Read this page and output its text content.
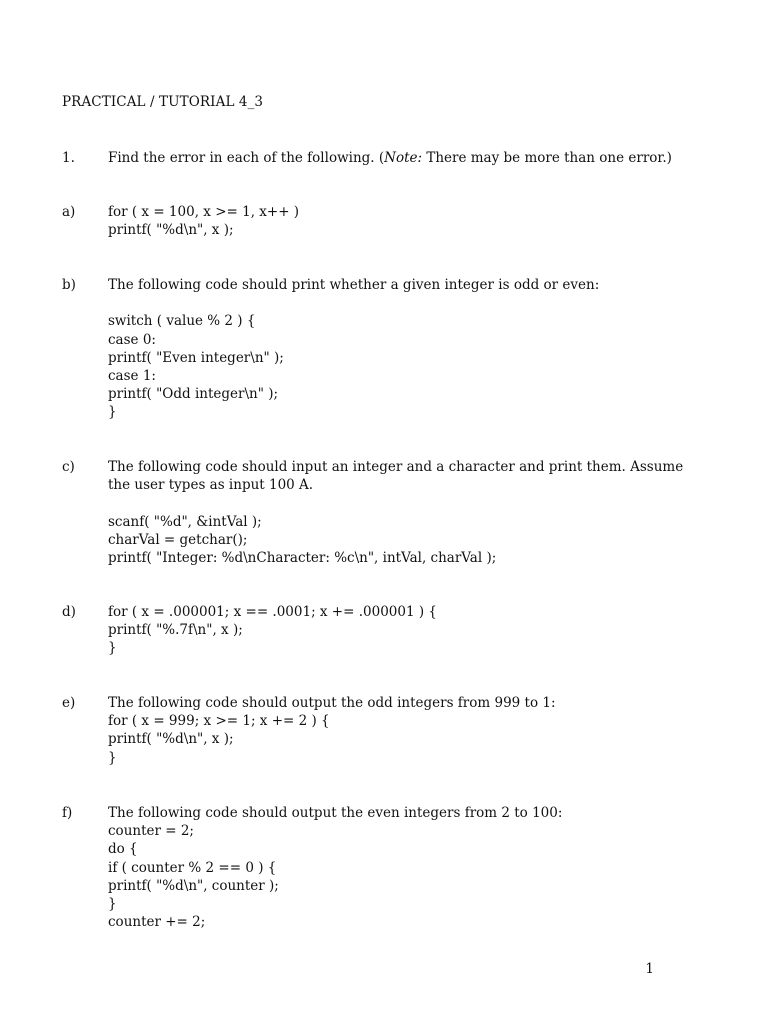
PRACTICAL / TUTORIAL 4_3
1. Find the error in each of the following. (Note: There may be more than one error.)
a) for ( x = 100, x >= 1, x++ )
printf( "%d\n", x );
b) The following code should print whether a given integer is odd or even:
switch ( value % 2 ) {
case 0:
printf( "Even integer\n" );
case 1:
printf( "Odd integer\n" );
}
c) The following code should input an integer and a character and print them. Assume
the user types as input 100 A.
scanf( "%d", &intVal );
charVal = getchar();
printf( "Integer: %d\nCharacter: %c\n", intVal, charVal );
d) for ( x = .000001; x == .0001; x += .000001 ) {
printf( "%.7f\n", x );
}
e) The following code should output the odd integers from 999 to 1:
for ( x = 999; x >= 1; x += 2 ) {
printf( "%d\n", x );
}
f)	The following code should output the even integers from 2 to 100:
counter = 2;
do {
if ( counter % 2 == 0 ) {
printf( "%d\n", counter );
}
counter += 2;
1
